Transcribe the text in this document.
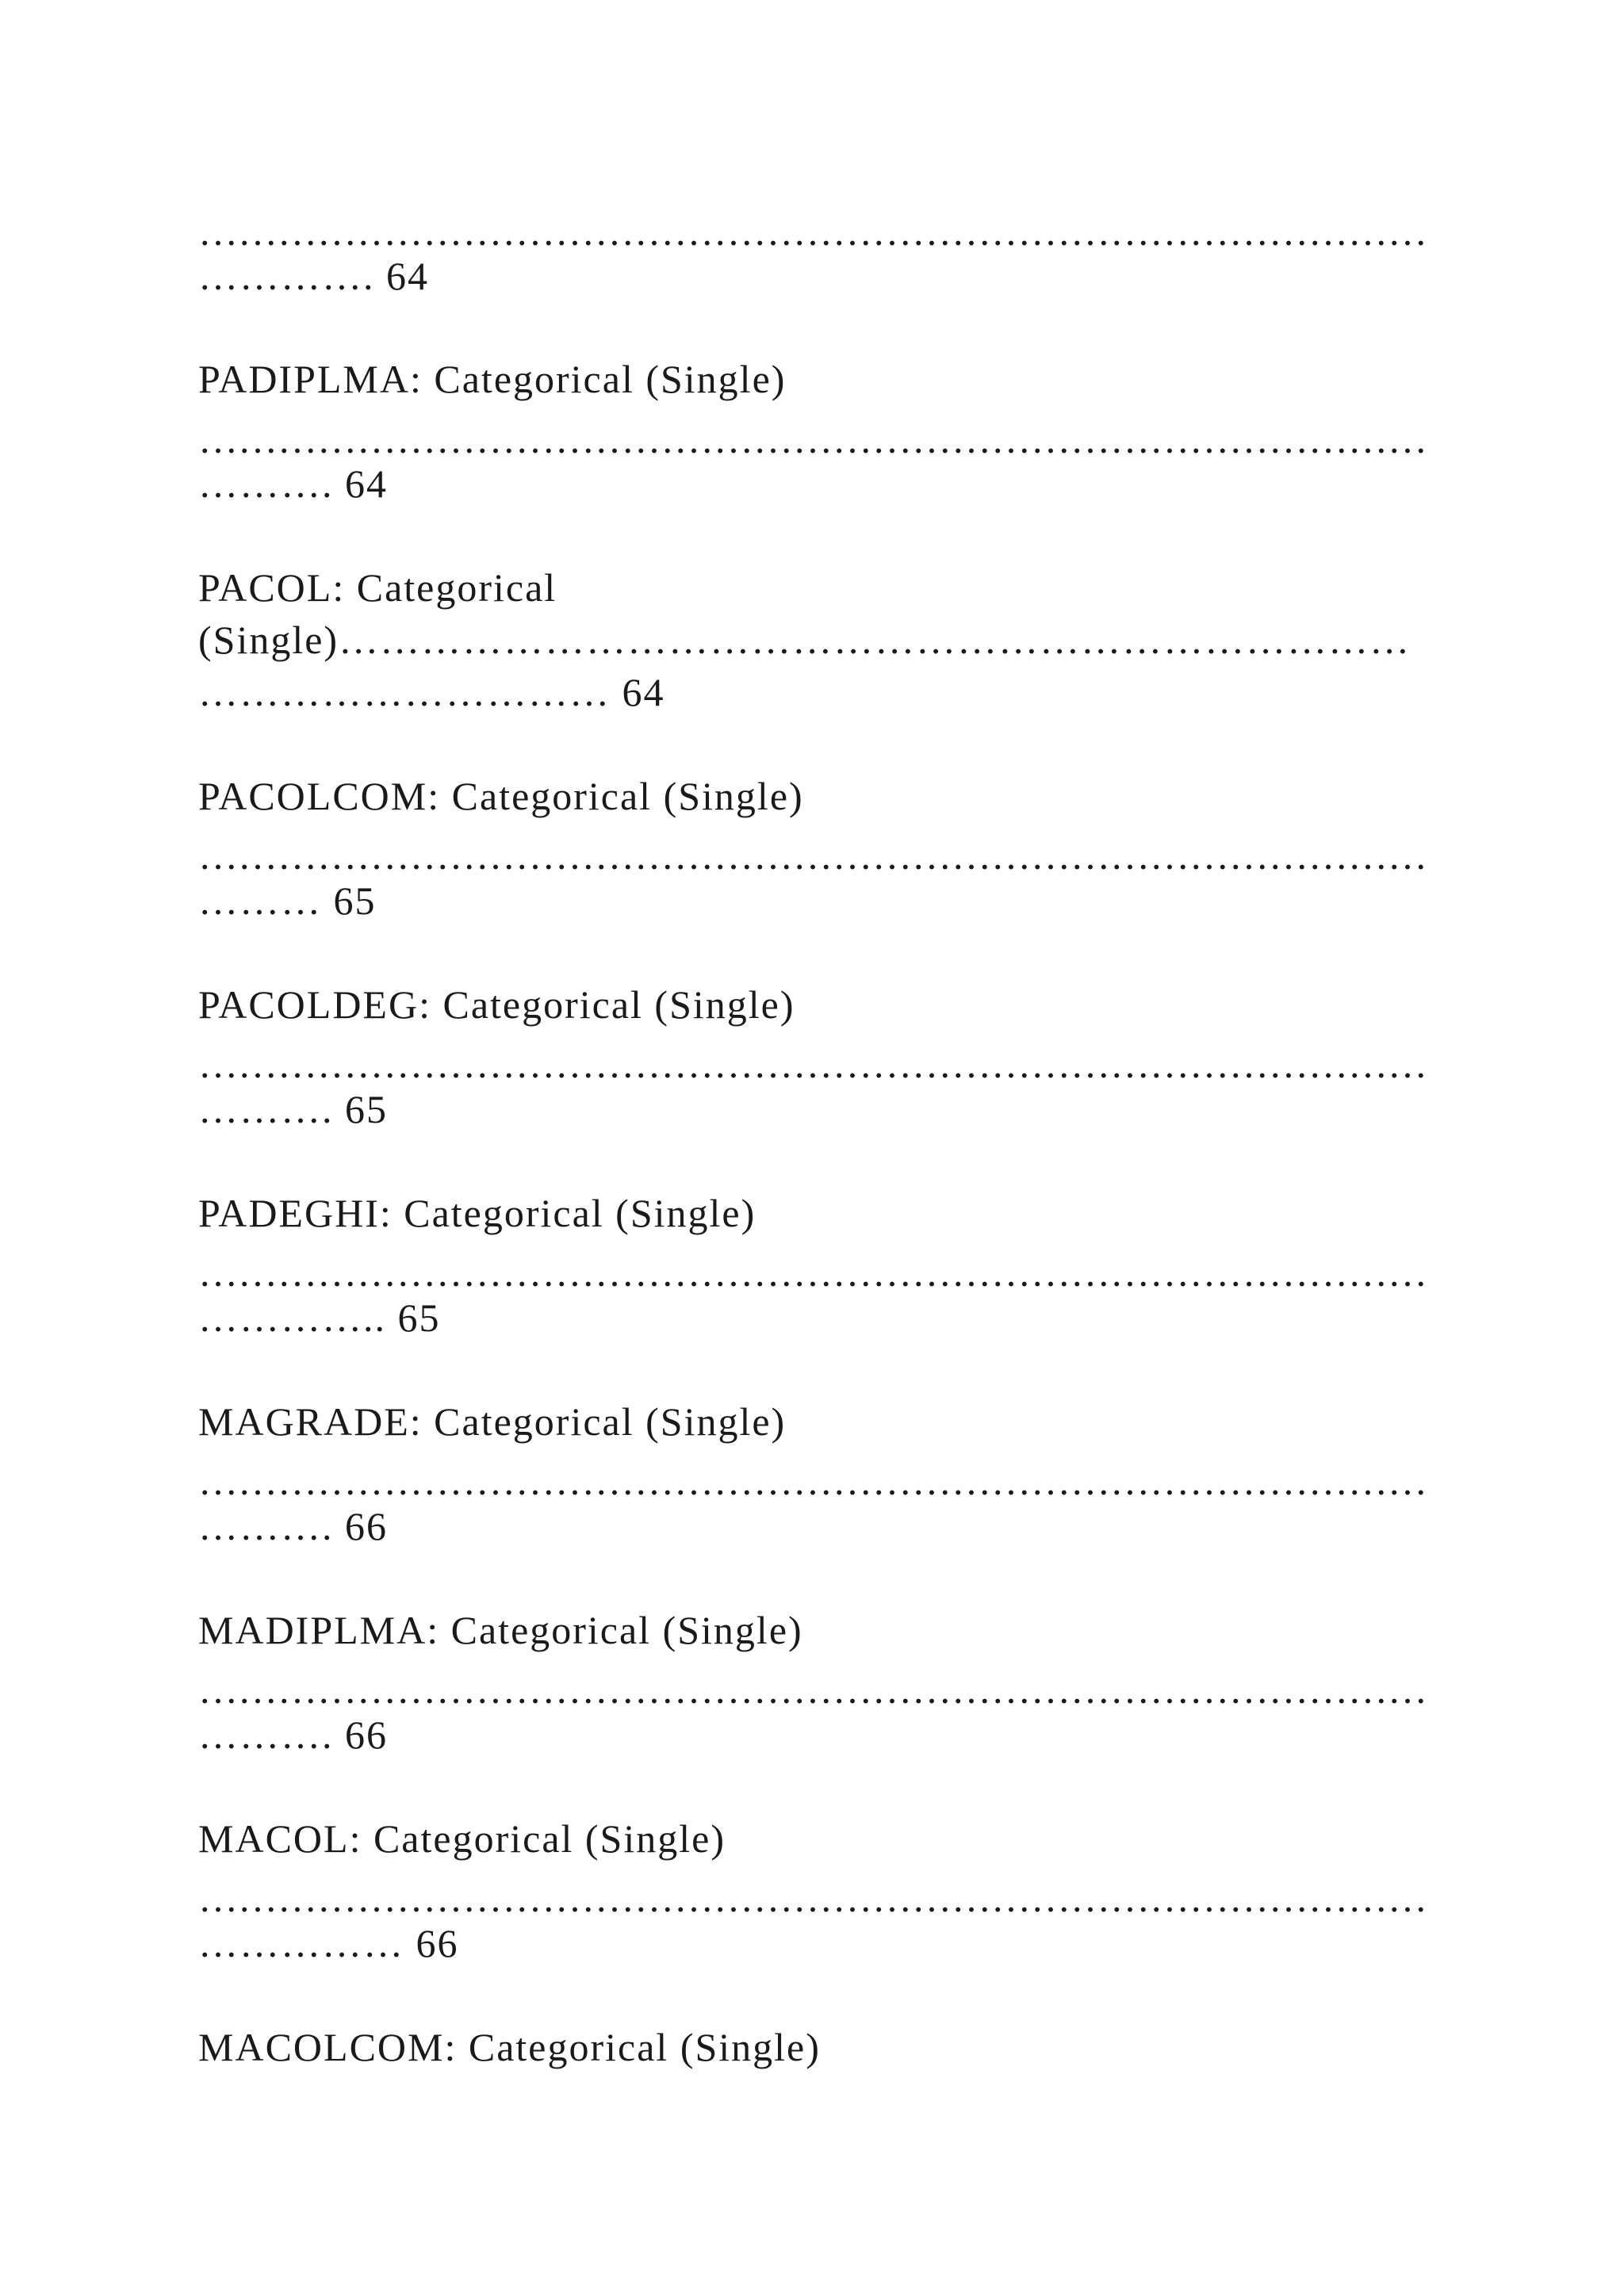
…………………………………………………………………………………
…………. 64
PADIPLMA: Categorical (Single)
…………………………………………………………………………………
………. 64
PACOL: Categorical
(Single)……………………………………………………………………
………………………… 64
PACOLCOM: Categorical (Single)
…………………………………………………………………………………
……… 65
PACOLDEG: Categorical (Single)
…………………………………………………………………………………
………. 65
PADEGHI: Categorical (Single)
…………………………………………………………………………………
………….. 65
MAGRADE: Categorical (Single)
…………………………………………………………………………………
………. 66
MADIPLMA: Categorical (Single)
…………………………………………………………………………………
………. 66
MACOL: Categorical (Single)
…………………………………………………………………………………
…………… 66
MACOLCOM: Categorical (Single)
